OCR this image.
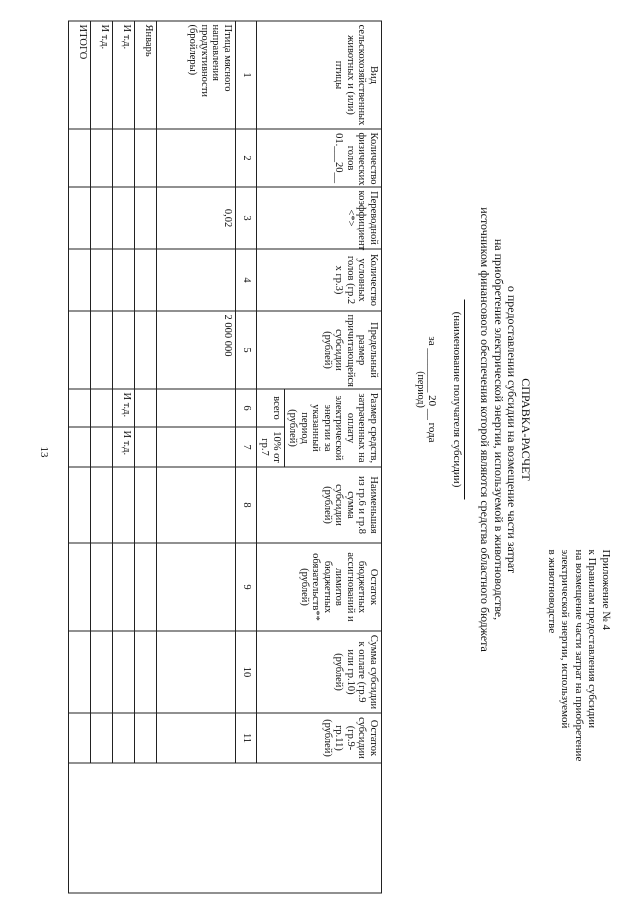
13
Приложение № 4
к Правилам предоставления субсидии
на возмещение части затрат на приобретение
электрической энергии, используемой
в животноводстве
СПРАВКА-РАСЧЕТ
о предоставлении субсидии на возмещение части затрат
на приобретение электрической энергии, используемой в животноводстве,
источником финансового обеспечения которой являются средства областного бюджета
(наименование получателя субсидии)
за ________ 20 __ года
(период)
Вид сельскохозяйственных животных и (или) птицы	Количество физических голов 01.___20__	Переводной коэффициент <*>	Количество условных голов (гр.2 х гр.3)	Предельный размер причитающейся субсидии (рублей)	Размер средств, затраченных на оплату электрической энергии за указанный период (рублей)		Наименьшая из гр.6 и гр.8 сумма субсидии (рублей)	Остаток бюджетных ассигнований и лимитов бюджетных обязательств** (рублей)	Сумма субсидии к оплате (гр.9 или гр.10) (рублей)	Остаток субсидии (гр.9-гр.11) (рублей)	
					всего	10% от гр.7					
1	2	3	4	5	6	7	8	9	10	11	
Птица мясного направления продуктивности (бройлеры)		0,02		2 000 000							
Январь											
И т.д.					И т.д.	И т.д.					
И т.д.											
ИТОГО											
